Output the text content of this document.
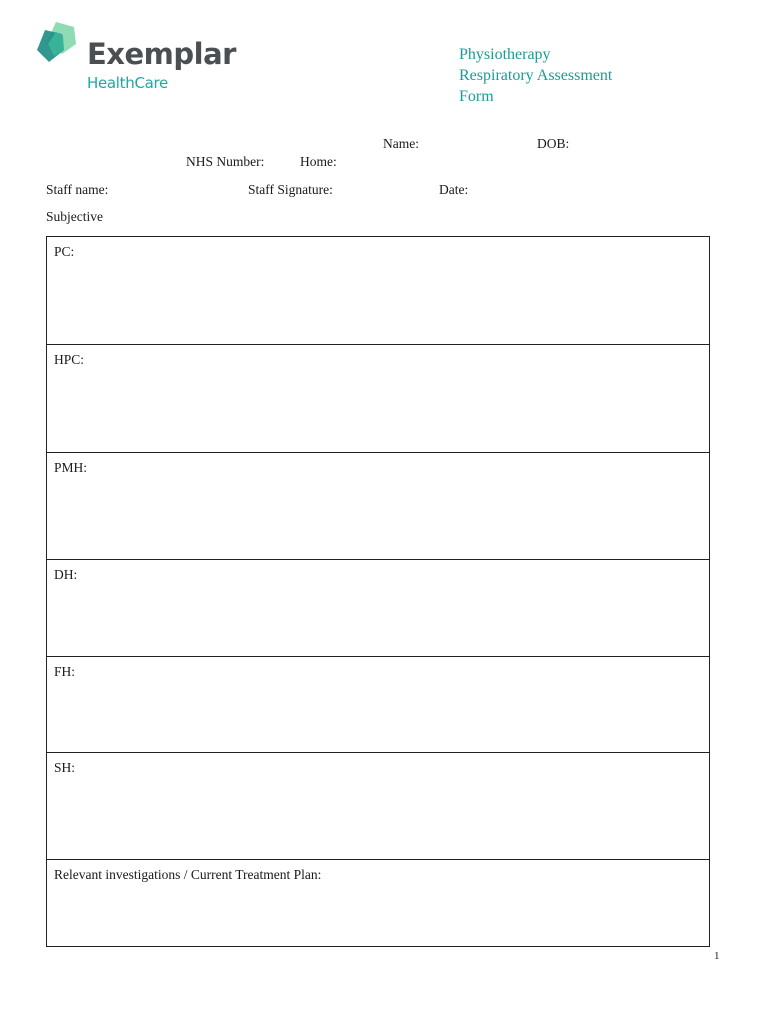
Exemplar
HealthCare
Physiotherapy
Respiratory Assessment
Form
Name:	DOB:
NHS Number:	Home:
Staff name:	Staff Signature:	Date:
Subjective
PC:
HPC:
PMH:
DH:
FH:
SH:
Relevant investigations / Current Treatment Plan:
1
